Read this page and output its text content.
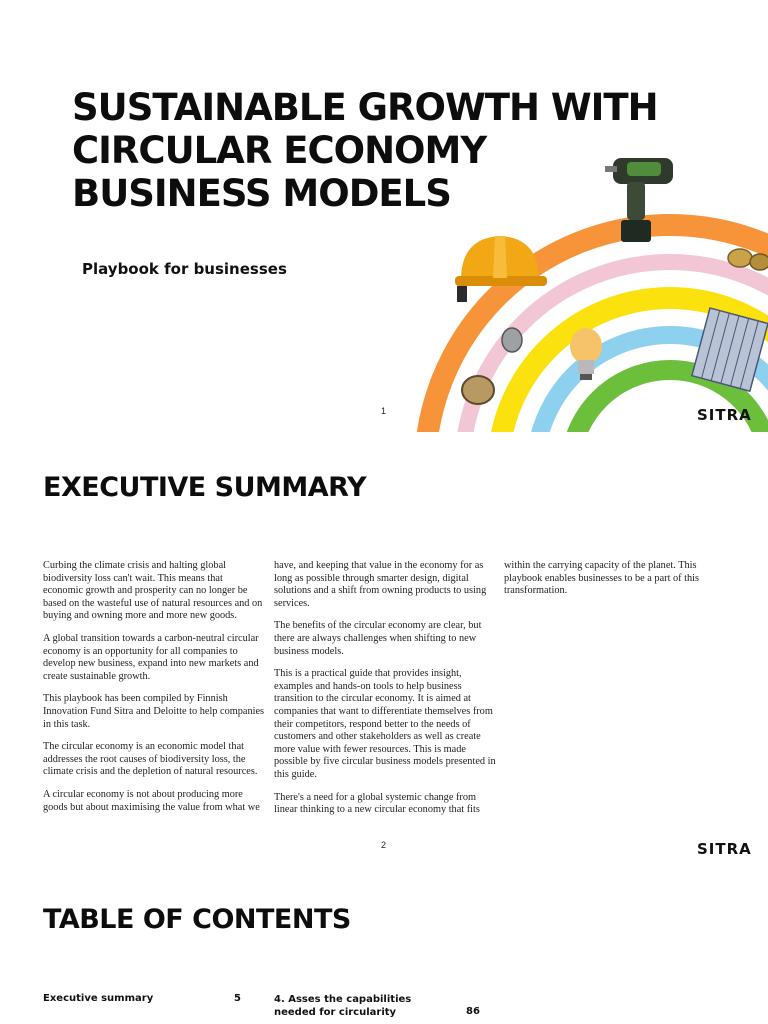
SUSTAINABLE GROWTH WITH
CIRCULAR ECONOMY
BUSINESS MODELS

Playbook for businesses

1	SITRA
EXECUTIVE SUMMARY

Curbing the climate crisis and halting global biodiversity loss can't wait. This means that economic growth and prosperity can no longer be based on the wasteful use of natural resources and on buying and owning more and more new goods.

A global transition towards a carbon-neutral circular economy is an opportunity for all companies to develop new business, expand into new markets and create sustainable growth.

This playbook has been compiled by Finnish Innovation Fund Sitra and Deloitte to help companies in this task.

The circular economy is an economic model that addresses the root causes of biodiversity loss, the climate crisis and the depletion of natural resources.

A circular economy is not about producing more goods but about maximising the value from what we

have, and keeping that value in the economy for as long as possible through smarter design, digital solutions and a shift from owning products to using services.

The benefits of the circular economy are clear, but there are always challenges when shifting to new business models.

This is a practical guide that provides insight, examples and hands-on tools to help business transition to the circular economy. It is aimed at companies that want to differentiate themselves from their competitors, respond better to the needs of customers and other stakeholders as well as create more value with fewer resources. This is made possible by five circular business models presented in this guide.

There's a need for a global systemic change from linear thinking to a new circular economy that fits

within the carrying capacity of the planet. This playbook enables businesses to be a part of this transformation.

2	SITRA
TABLE OF CONTENTS
Executive summary	5	4. Asses the capabilities needed for circularity	86
